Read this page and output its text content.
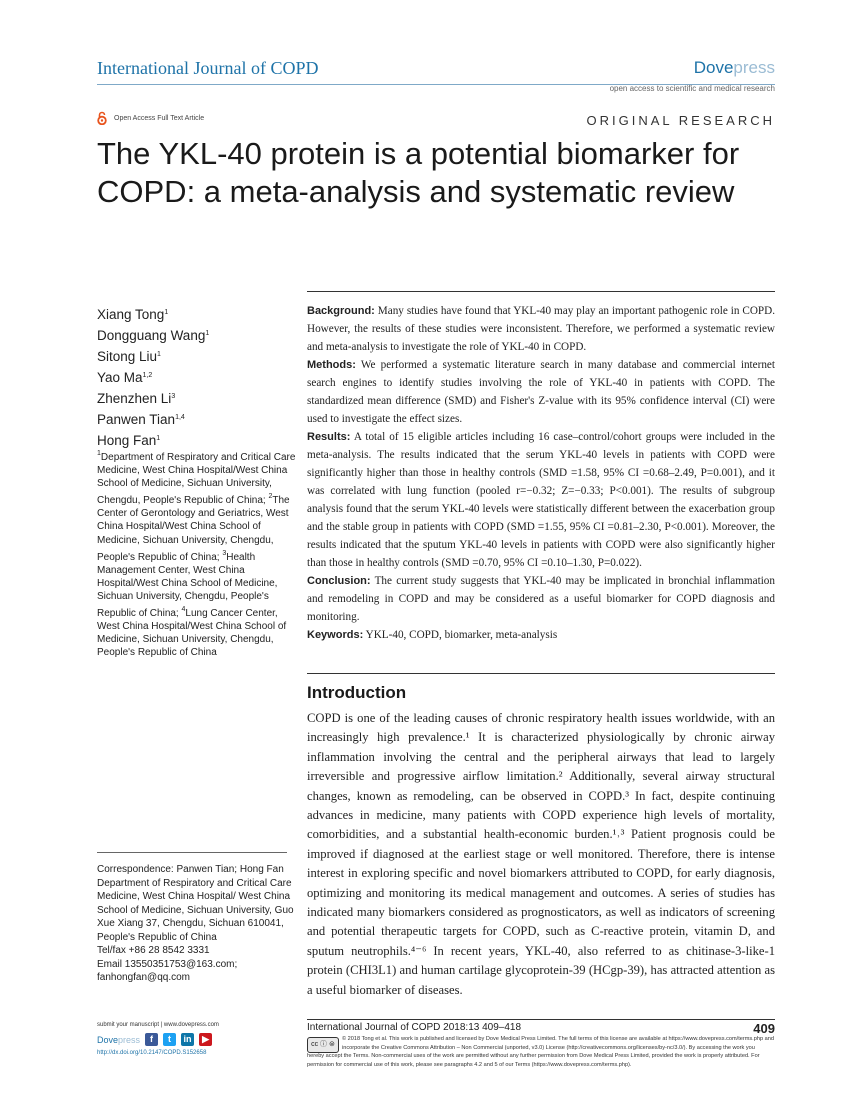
International Journal of COPD	Dovepress
open access to scientific and medical research
Open Access Full Text Article	ORIGINAL RESEARCH
The YKL-40 protein is a potential biomarker for COPD: a meta-analysis and systematic review
Xiang Tong$^1$
Dongguang Wang$^1$
Sitong Liu$^1$
Yao Ma$^{1,2}$
Zhenzhen Li$^3$
Panwen Tian$^{1,4}$
Hong Fan$^1$
$^1$Department of Respiratory and Critical Care Medicine, West China Hospital/West China School of Medicine, Sichuan University, Chengdu, People's Republic of China; $^2$The Center of Gerontology and Geriatrics, West China Hospital/West China School of Medicine, Sichuan University, Chengdu, People's Republic of China; $^3$Health Management Center, West China Hospital/West China School of Medicine, Sichuan University, Chengdu, People's Republic of China; $^4$Lung Cancer Center, West China Hospital/West China School of Medicine, Sichuan University, Chengdu, People's Republic of China
Correspondence: Panwen Tian; Hong Fan
Department of Respiratory and Critical Care Medicine, West China Hospital/ West China School of Medicine, Sichuan University, Guo Xue Xiang 37, Chengdu, Sichuan 610041, People's Republic of China
Tel/fax +86 28 8542 3331
Email 13550351753@163.com;
fanhongfan@qq.com

Background: Many studies have found that YKL-40 may play an important pathogenic role in COPD. However, the results of these studies were inconsistent. Therefore, we performed a systematic review and meta-analysis to investigate the role of YKL-40 in COPD.

Methods: We performed a systematic literature search in many database and commercial internet search engines to identify studies involving the role of YKL-40 in patients with COPD. The standardized mean difference (SMD) and Fisher's Z-value with its 95% confidence interval (CI) were used to investigate the effect sizes.

Results: A total of 15 eligible articles including 16 case–control/cohort groups were included in the meta-analysis. The results indicated that the serum YKL-40 levels in patients with COPD were significantly higher than those in healthy controls (SMD =1.58, 95% CI =0.68–2.49, P=0.001), and it was correlated with lung function (pooled r=−0.32; Z=−0.33; P<0.001). The results of subgroup analysis found that the serum YKL-40 levels were statistically different between the exacerbation group and the stable group in patients with COPD (SMD =1.55, 95% CI =0.81–2.30, P<0.001). Moreover, the results indicated that the sputum YKL-40 levels in patients with COPD were also significantly higher than those in healthy controls (SMD =0.70, 95% CI =0.10–1.30, P=0.022).

Conclusion: The current study suggests that YKL-40 may be implicated in bronchial inflammation and remodeling in COPD and may be considered as a useful biomarker for COPD diagnosis and monitoring.

Keywords: YKL-40, COPD, biomarker, meta-analysis

Introduction

COPD is one of the leading causes of chronic respiratory health issues worldwide, with an increasingly high prevalence.¹ It is characterized physiologically by chronic airway inflammation involving the central and the peripheral airways that lead to largely irreversible and progressive airflow limitation.² Additionally, several airway structural changes, known as remodeling, can be observed in COPD.³ In fact, despite continuing advances in medicine, many patients with COPD experience high levels of mortality, comorbidities, and a substantial health-economic burden.¹˒³ Patient prognosis could be improved if diagnosed at the earliest stage or well monitored. Therefore, there is intense interest in exploring specific and novel biomarkers attributed to COPD, for early diagnosis, optimizing and monitoring its medical management and outcomes. A series of studies has indicated many biomarkers considered as prognosticators, as well as indicators of screening and potential therapeutic targets for COPD, such as C-reactive protein, vitamin D, and sputum neutrophils.⁴⁻⁶ In recent years, YKL-40, also referred to as chitinase-3-like-1 protein (CHI3L1) and human cartilage glycoprotein-39 (HCgp-39), has attracted attention as a useful biomarker of diseases.

submit your manuscript | www.dovepress.com
Dovepress	f	t	in	▶
http://dx.doi.org/10.2147/COPD.S152658
International Journal of COPD 2018:13 409–418	409
cc ⓘ ⊜
© 2018 Tong et al. This work is published and licensed by Dove Medical Press Limited. The full terms of this license are available at https://www.dovepress.com/terms.php and incorporate the Creative Commons Attribution – Non Commercial (unported, v3.0) License (http://creativecommons.org/licenses/by-nc/3.0/). By accessing the work you
hereby accept the Terms. Non-commercial uses of the work are permitted without any further permission from Dove Medical Press Limited, provided the work is properly attributed. For permission for commercial use of this work, please see paragraphs 4.2 and 5 of our Terms (https://www.dovepress.com/terms.php).
